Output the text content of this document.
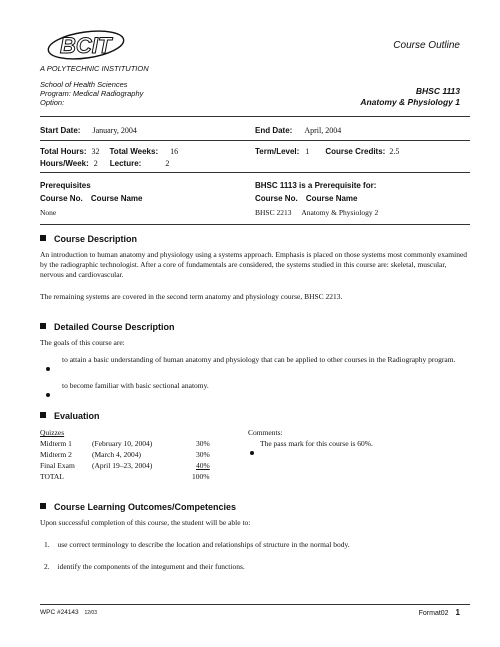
BCIT	Course Outline
A POLYTECHNIC INSTITUTION
School of Health Sciences
Program: Medical Radiography
Option:
BHSC 1113
Anatomy & Physiology 1
Start Date: January, 2004	End Date: April, 2004
Total Hours: 32 Total Weeks: 16	Term/Level: 1 Course Credits: 2.5
Hours/Week: 2 Lecture:	2
Prerequisites
Course No. Course Name
None
BHSC 1113 is a Prerequisite for:
Course No. Course Name
BHSC 2213 Anatomy & Physiology 2
Course Description
An introduction to human anatomy and physiology using a systems approach. Emphasis is placed on those systems most commonly examined by the radiographic technologist. After a core of fundamentals are considered, the systems studied in this course are: skeletal, muscular, nervous and cardiovascular.
The remaining systems are covered in the second term anatomy and physiology course, BHSC 2213.
Detailed Course Description
The goals of this course are:
to attain a basic understanding of human anatomy and physiology that can be applied to other courses in the Radiography program.
to become familiar with basic sectional anatomy.
Evaluation
Quizzes
Midterm 1	(February 10, 2004)	30%
Midterm 2	(March 4, 2004)	30%
Final Exam (April 19–23, 2004)	40%
TOTAL	100%
Comments:
The pass mark for this course is 60%.
Course Learning Outcomes/Competencies
Upon successful completion of this course, the student will be able to:
1. use correct terminology to describe the location and relationships of structure in the normal body.
2. identify the components of the integument and their functions.
WPC #24143 12/03	Format02 1
